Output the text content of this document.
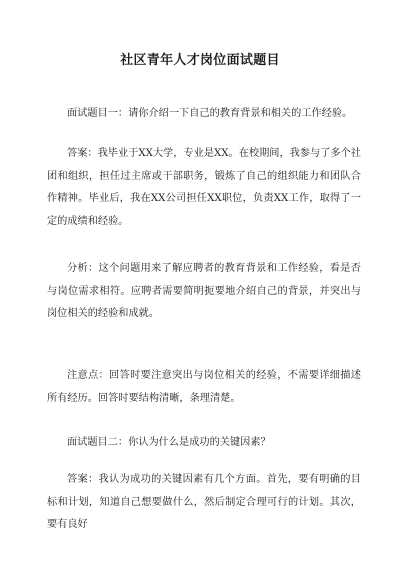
社区青年人才岗位面试题目

面试题目一：请你介绍一下自己的教育背景和相关的工作经验。

答案：我毕业于XX大学，专业是XX。在校期间，我参与了多个社团和组织，担任过主席或干部职务，锻炼了自己的组织能力和团队合作精神。毕业后，我在XX公司担任XX职位，负责XX工作，取得了一定的成绩和经验。

分析：这个问题用来了解应聘者的教育背景和工作经验，看是否与岗位需求相符。应聘者需要简明扼要地介绍自己的背景，并突出与岗位相关的经验和成就。

注意点：回答时要注意突出与岗位相关的经验，不需要详细描述所有经历。回答时要结构清晰，条理清楚。

面试题目二：你认为什么是成功的关键因素？

答案：我认为成功的关键因素有几个方面。首先，要有明确的目标和计划，知道自己想要做什么，然后制定合理可行的计划。其次，要有良好
